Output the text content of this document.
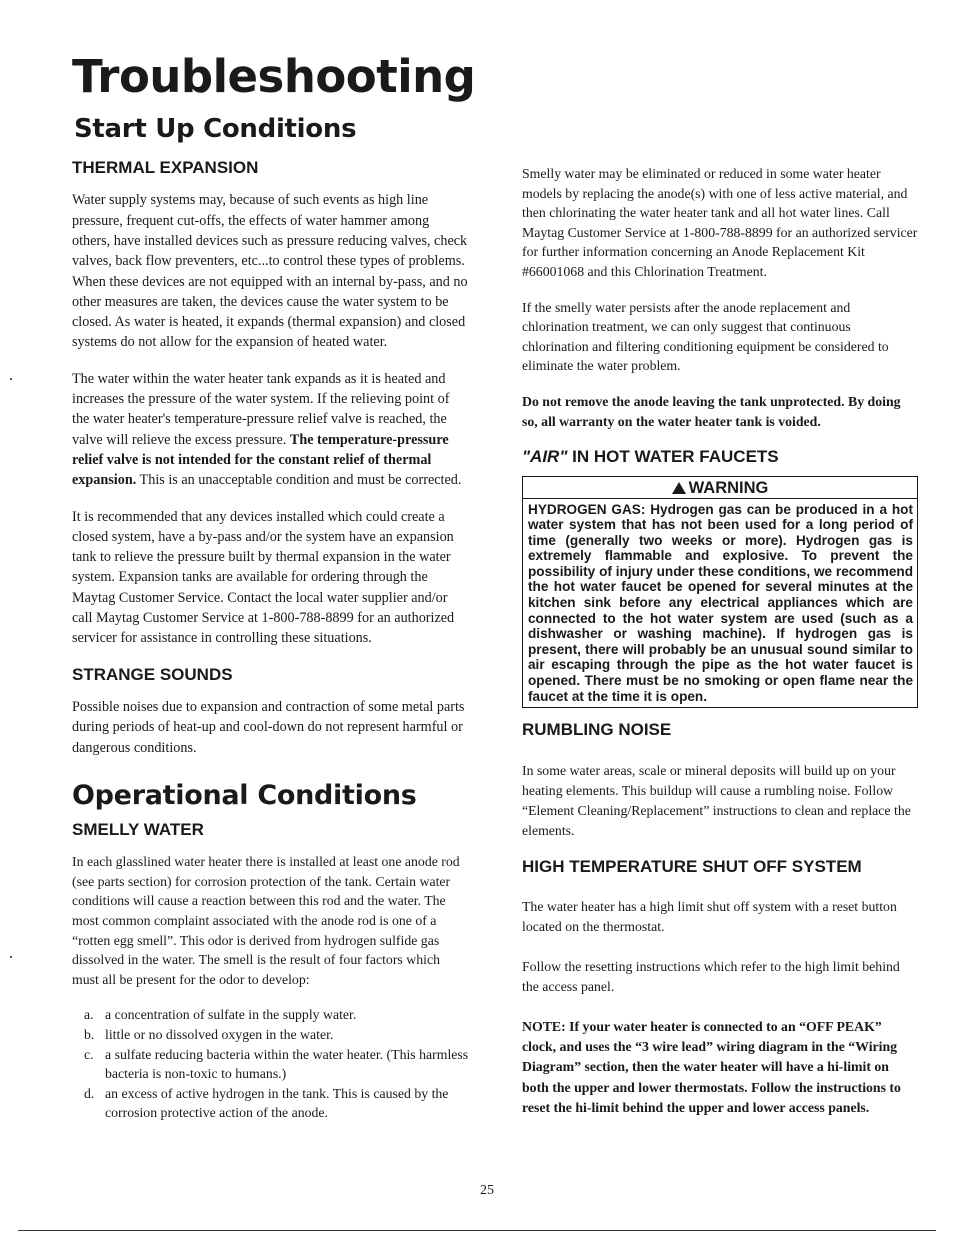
Troubleshooting
Start Up Conditions
THERMAL EXPANSION

Water supply systems may, because of such events as high line pressure, frequent cut-offs, the effects of water hammer among others, have installed devices such as pressure reducing valves, check valves, back flow preventers, etc...to control these types of problems. When these devices are not equipped with an internal by-pass, and no other measures are taken, the devices cause the water system to be closed. As water is heated, it expands (thermal expansion) and closed systems do not allow for the expansion of heated water.

The water within the water heater tank expands as it is heated and increases the pressure of the water system. If the relieving point of the water heater's temperature-pressure relief valve is reached, the valve will relieve the excess pressure. The temperature-pressure relief valve is not intended for the constant relief of thermal expansion. This is an unacceptable condition and must be corrected.

It is recommended that any devices installed which could create a closed system, have a by-pass and/or the system have an expansion tank to relieve the pressure built by thermal expansion in the water system. Expansion tanks are available for ordering through the Maytag Customer Service. Contact the local water supplier and/or call Maytag Customer Service at 1-800-788-8899 for an authorized servicer for assistance in controlling these situations.

STRANGE SOUNDS

Possible noises due to expansion and contraction of some metal parts during periods of heat-up and cool-down do not represent harmful or dangerous conditions.

Operational Conditions
SMELLY WATER

In each glasslined water heater there is installed at least one anode rod (see parts section) for corrosion protection of the tank. Certain water conditions will cause a reaction between this rod and the water. The most common complaint associated with the anode rod is one of a “rotten egg smell”. This odor is derived from hydrogen sulfide gas dissolved in the water. The smell is the result of four factors which must all be present for the odor to develop:

a. a concentration of sulfate in the supply water.
b. little or no dissolved oxygen in the water.
c. a sulfate reducing bacteria within the water heater. (This harmless bacteria is non-toxic to humans.)
d. an excess of active hydrogen in the tank. This is caused by the corrosion protective action of the anode.

Smelly water may be eliminated or reduced in some water heater models by replacing the anode(s) with one of less active material, and then chlorinating the water heater tank and all hot water lines. Call Maytag Customer Service at 1-800-788-8899 for an authorized servicer for further information concerning an Anode Replacement Kit #66001068 and this Chlorination Treatment.

If the smelly water persists after the anode replacement and chlorination treatment, we can only suggest that continuous chlorination and filtering conditioning equipment be considered to eliminate the water problem.

Do not remove the anode leaving the tank unprotected. By doing so, all warranty on the water heater tank is voided.

"AIR" IN HOT WATER FAUCETS
WARNING
HYDROGEN GAS: Hydrogen gas can be produced in a hot water system that has not been used for a long period of time (generally two weeks or more). Hydrogen gas is extremely flammable and explosive. To prevent the possibility of injury under these conditions, we recommend the hot water faucet be opened for several minutes at the kitchen sink before any electrical appliances which are connected to the hot water system are used (such as a dishwasher or washing machine). If hydrogen gas is present, there will probably be an unusual sound similar to air escaping through the pipe as the hot water faucet is opened. There must be no smoking or open flame near the faucet at the time it is open.
RUMBLING NOISE

In some water areas, scale or mineral deposits will build up on your heating elements. This buildup will cause a rumbling noise. Follow “Element Cleaning/Replacement” instructions to clean and replace the elements.

HIGH TEMPERATURE SHUT OFF SYSTEM

The water heater has a high limit shut off system with a reset button located on the thermostat.

Follow the resetting instructions which refer to the high limit behind the access panel.

NOTE: If your water heater is connected to an “OFF PEAK” clock, and uses the “3 wire lead” wiring diagram in the “Wiring Diagram” section, then the water heater will have a hi-limit on both the upper and lower thermostats. Follow the instructions to reset the hi-limit behind the upper and lower access panels.

25
